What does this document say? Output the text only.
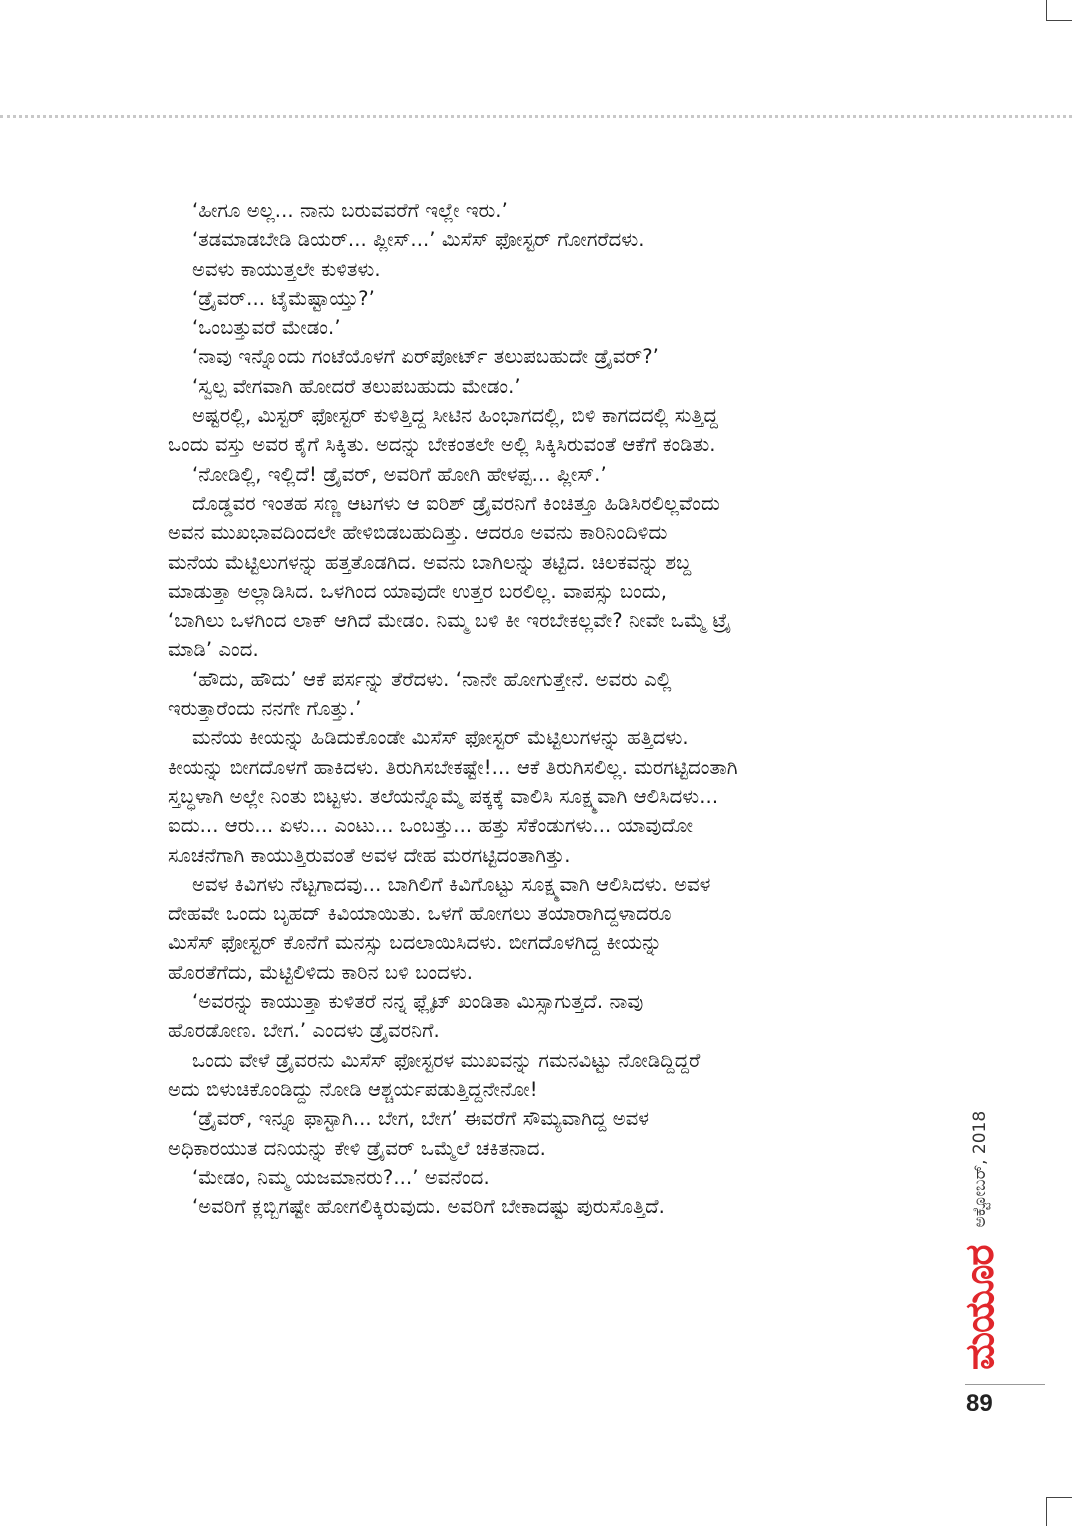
‘ಹೀಗೂ ಅಲ್ಲ... ನಾನು ಬರುವವರೆಗೆ ಇಲ್ಲೇ ಇರು.’
‘ತಡಮಾಡಬೇಡಿ ಡಿಯರ್... ಪ್ಲೀಸ್...’ ಮಿಸೆಸ್ ಫೋಸ್ಟರ್ ಗೋಗರೆದಳು.
ಅವಳು ಕಾಯುತ್ತಲೇ ಕುಳಿತಳು.
‘ಡ್ರೈವರ್... ಟೈಮೆಷ್ಟಾಯ್ತು?’
‘ಒಂಬತ್ತುವರೆ ಮೇಡಂ.’
‘ನಾವು ಇನ್ನೊಂದು ಗಂಟೆಯೊಳಗೆ ಏರ್‌ಪೋರ್ಟ್ ತಲುಪಬಹುದೇ ಡ್ರೈವರ್?’
‘ಸ್ವಲ್ಪ ವೇಗವಾಗಿ ಹೋದರೆ ತಲುಪಬಹುದು ಮೇಡಂ.’
ಅಷ್ಟರಲ್ಲಿ, ಮಿಸ್ಟರ್ ಫೋಸ್ಟರ್ ಕುಳಿತ್ತಿದ್ದ ಸೀಟಿನ ಹಿಂಭಾಗದಲ್ಲಿ, ಬಿಳಿ ಕಾಗದದಲ್ಲಿ ಸುತ್ತಿದ್ದ
ಒಂದು ವಸ್ತು ಅವರ ಕೈಗೆ ಸಿಕ್ಕಿತು. ಅದನ್ನು ಬೇಕಂತಲೇ ಅಲ್ಲಿ ಸಿಕ್ಕಿಸಿರುವಂತೆ ಆಕೆಗೆ ಕಂಡಿತು.
‘ನೋಡಿಲ್ಲಿ, ಇಲ್ಲಿದೆ! ಡ್ರೈವರ್, ಅವರಿಗೆ ಹೋಗಿ ಹೇಳಪ್ಪ... ಪ್ಲೀಸ್.’
ದೊಡ್ಡವರ ಇಂತಹ ಸಣ್ಣ ಆಟಗಳು ಆ ಐರಿಶ್ ಡ್ರೈವರನಿಗೆ ಕಿಂಚಿತ್ತೂ ಹಿಡಿಸಿರಲಿಲ್ಲವೆಂದು
ಅವನ ಮುಖಭಾವದಿಂದಲೇ ಹೇಳಿಬಿಡಬಹುದಿತ್ತು. ಆದರೂ ಅವನು ಕಾರಿನಿಂದಿಳಿದು
ಮನೆಯ ಮೆಟ್ಟಿಲುಗಳನ್ನು ಹತ್ತತೊಡಗಿದ. ಅವನು ಬಾಗಿಲನ್ನು ತಟ್ಟಿದ. ಚಿಲಕವನ್ನು ಶಬ್ದ
ಮಾಡುತ್ತಾ ಅಲ್ಲಾಡಿಸಿದ. ಒಳಗಿಂದ ಯಾವುದೇ ಉತ್ತರ ಬರಲಿಲ್ಲ. ವಾಪಸ್ಸು ಬಂದು,
‘ಬಾಗಿಲು ಒಳಗಿಂದ ಲಾಕ್ ಆಗಿದೆ ಮೇಡಂ. ನಿಮ್ಮ ಬಳಿ ಕೀ ಇರಬೇಕಲ್ಲವೇ? ನೀವೇ ಒಮ್ಮೆ ಟ್ರೈ
ಮಾಡಿ’ ಎಂದ.
‘ಹೌದು, ಹೌದು’ ಆಕೆ ಪರ್ಸನ್ನು ತೆರೆದಳು. ‘ನಾನೇ ಹೋಗುತ್ತೇನೆ. ಅವರು ಎಲ್ಲಿ
ಇರುತ್ತಾರೆಂದು ನನಗೇ ಗೊತ್ತು.’
ಮನೆಯ ಕೀಯನ್ನು ಹಿಡಿದುಕೊಂಡೇ ಮಿಸೆಸ್ ಫೋಸ್ಟರ್ ಮೆಟ್ಟಿಲುಗಳನ್ನು ಹತ್ತಿದಳು.
ಕೀಯನ್ನು ಬೀಗದೊಳಗೆ ಹಾಕಿದಳು. ತಿರುಗಿಸಬೇಕಷ್ಟೇ!... ಆಕೆ ತಿರುಗಿಸಲಿಲ್ಲ. ಮರಗಟ್ಟಿದಂತಾಗಿ
ಸ್ತಬ್ಧಳಾಗಿ ಅಲ್ಲೇ ನಿಂತು ಬಿಟ್ಟಳು. ತಲೆಯನ್ನೊಮ್ಮೆ ಪಕ್ಕಕ್ಕೆ ವಾಲಿಸಿ ಸೂಕ್ಷ್ಮವಾಗಿ ಆಲಿಸಿದಳು...
ಐದು... ಆರು... ಏಳು... ಎಂಟು... ಒಂಬತ್ತು... ಹತ್ತು ಸೆಕೆಂಡುಗಳು... ಯಾವುದೋ
ಸೂಚನೆಗಾಗಿ ಕಾಯುತ್ತಿರುವಂತೆ ಅವಳ ದೇಹ ಮರಗಟ್ಟಿದಂತಾಗಿತ್ತು.
ಅವಳ ಕಿವಿಗಳು ನೆಟ್ಟಗಾದವು... ಬಾಗಿಲಿಗೆ ಕಿವಿಗೊಟ್ಟು ಸೂಕ್ಷ್ಮವಾಗಿ ಆಲಿಸಿದಳು. ಅವಳ
ದೇಹವೇ ಒಂದು ಬೃಹದ್ ಕಿವಿಯಾಯಿತು. ಒಳಗೆ ಹೋಗಲು ತಯಾರಾಗಿದ್ದಳಾದರೂ
ಮಿಸೆಸ್ ಫೋಸ್ಟರ್ ಕೊನೆಗೆ ಮನಸ್ಸು ಬದಲಾಯಿಸಿದಳು. ಬೀಗದೊಳಗಿದ್ದ ಕೀಯನ್ನು
ಹೊರತೆಗೆದು, ಮೆಟ್ಟಿಲಿಳಿದು ಕಾರಿನ ಬಳಿ ಬಂದಳು.
‘ಅವರನ್ನು ಕಾಯುತ್ತಾ ಕುಳಿತರೆ ನನ್ನ ಫ್ಲೈಟ್ ಖಂಡಿತಾ ಮಿಸ್ಸಾಗುತ್ತದೆ. ನಾವು
ಹೊರಡೋಣ. ಬೇಗ.’ ಎಂದಳು ಡ್ರೈವರನಿಗೆ.
ಒಂದು ವೇಳೆ ಡ್ರೈವರನು ಮಿಸೆಸ್ ಫೋಸ್ಟರಳ ಮುಖವನ್ನು ಗಮನವಿಟ್ಟು ನೋಡಿದ್ದಿದ್ದರೆ
ಅದು ಬಿಳುಚಿಕೊಂಡಿದ್ದು ನೋಡಿ ಆಶ್ಚರ್ಯಪಡುತ್ತಿದ್ದನೇನೋ!
‘ಡ್ರೈವರ್, ಇನ್ನೂ ಫಾಸ್ಟಾಗಿ... ಬೇಗ, ಬೇಗ’ ಈವರೆಗೆ ಸೌಮ್ಯವಾಗಿದ್ದ ಅವಳ
ಅಧಿಕಾರಯುತ ದನಿಯನ್ನು ಕೇಳಿ ಡ್ರೈವರ್ ಒಮ್ಮೆಲೆ ಚಕಿತನಾದ.
‘ಮೇಡಂ, ನಿಮ್ಮ ಯಜಮಾನರು?...’ ಅವನೆಂದ.
‘ಅವರಿಗೆ ಕ್ಲಬ್ಬಿಗಷ್ಟೇ ಹೋಗಲಿಕ್ಕಿರುವುದು. ಅವರಿಗೆ ಬೇಕಾದಷ್ಟು ಪುರುಸೊತ್ತಿದೆ.
ಮಯೂರ
ಅಕ್ಟೋಬರ್, 2018
89
